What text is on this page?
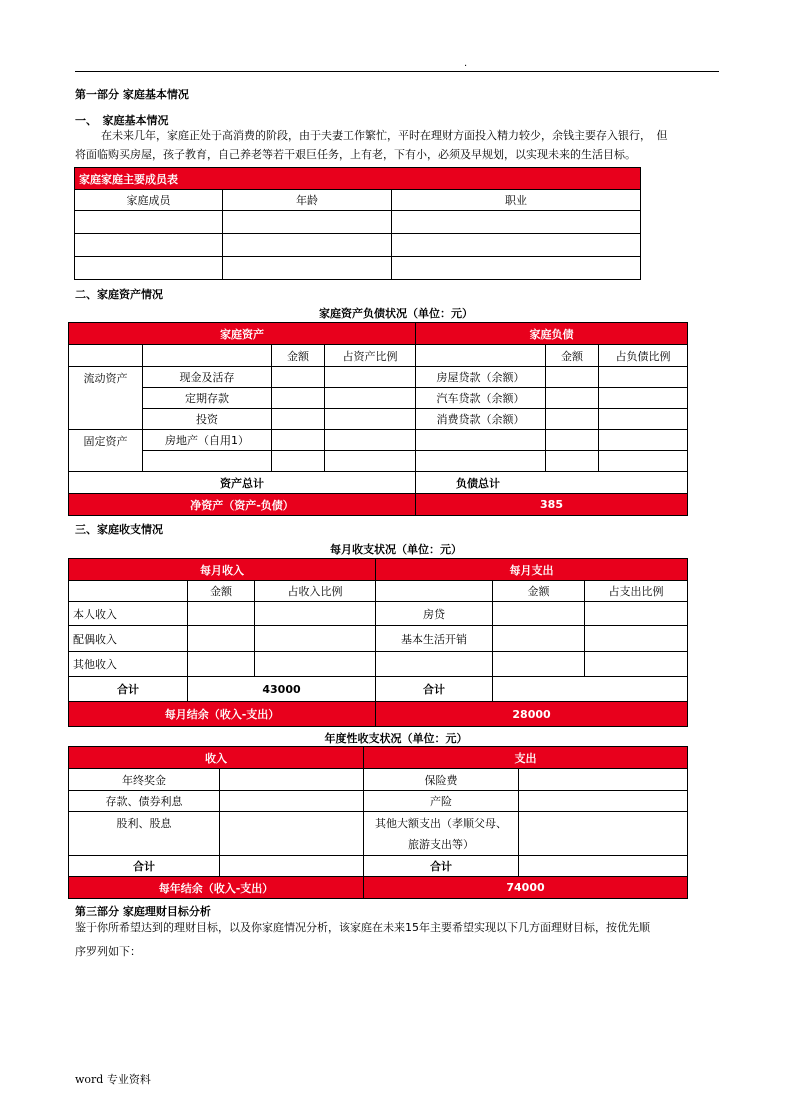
.
第一部分 家庭基本情况
一、　家庭基本情况
在未来几年，家庭正处于高消费的阶段，由于夫妻工作繁忙，平时在理财方面投入精力较少，余钱主要存入银行，　但
将面临购买房屋，孩子教育，自己养老等若干艰巨任务，上有老，下有小，必须及早规划，以实现未来的生活目标。
家庭家庭主要成员表		
家庭成员	年龄	职业

二、家庭资产情况
家庭资产负债状况（单位：元）
家庭资产				家庭负债		
		金额	占资产比例		金额	占负债比例
流动资产	现金及活存			房屋贷款（余额）		
	定期存款			汽车贷款（余额）		
	投资			消费贷款（余额）		
固定资产	房地产（自用1）					

资产总计				负债总计		
净资产（资产-负债）				385		
三、家庭收支情况
每月收支状况（单位：元）
每月收入			每月支出		
	金额	占收入比例		金额	占支出比例
本人收入			房贷		
配偶收入			基本生活开销		
其他收入					
合计	43000		合计		
每月结余（收入-支出）			28000		
年度性收支状况（单位：元）
收入		支出	
年终奖金		保险费	
存款、债券利息		产险	
股利、股息		其他大额支出（孝顺父母、
旅游支出等）	

合计		合计	
每年结余（收入-支出）		74000	
第三部分 家庭理财目标分析
鉴于你所希望达到的理财目标，以及你家庭情况分析，该家庭在未来15年主要希望实现以下几方面理财目标，按优先顺
序罗列如下：
word 专业资料
